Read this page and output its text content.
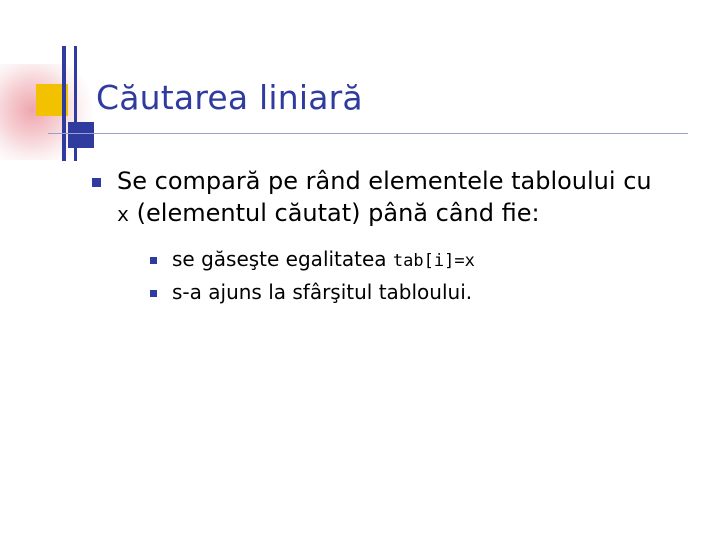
Căutarea liniară
Se compară pe rând elementele tabloului cu x (elementul căutat) până când fie:
se găseşte egalitatea tab[i]=x
s-a ajuns la sfârşitul tabloului.
